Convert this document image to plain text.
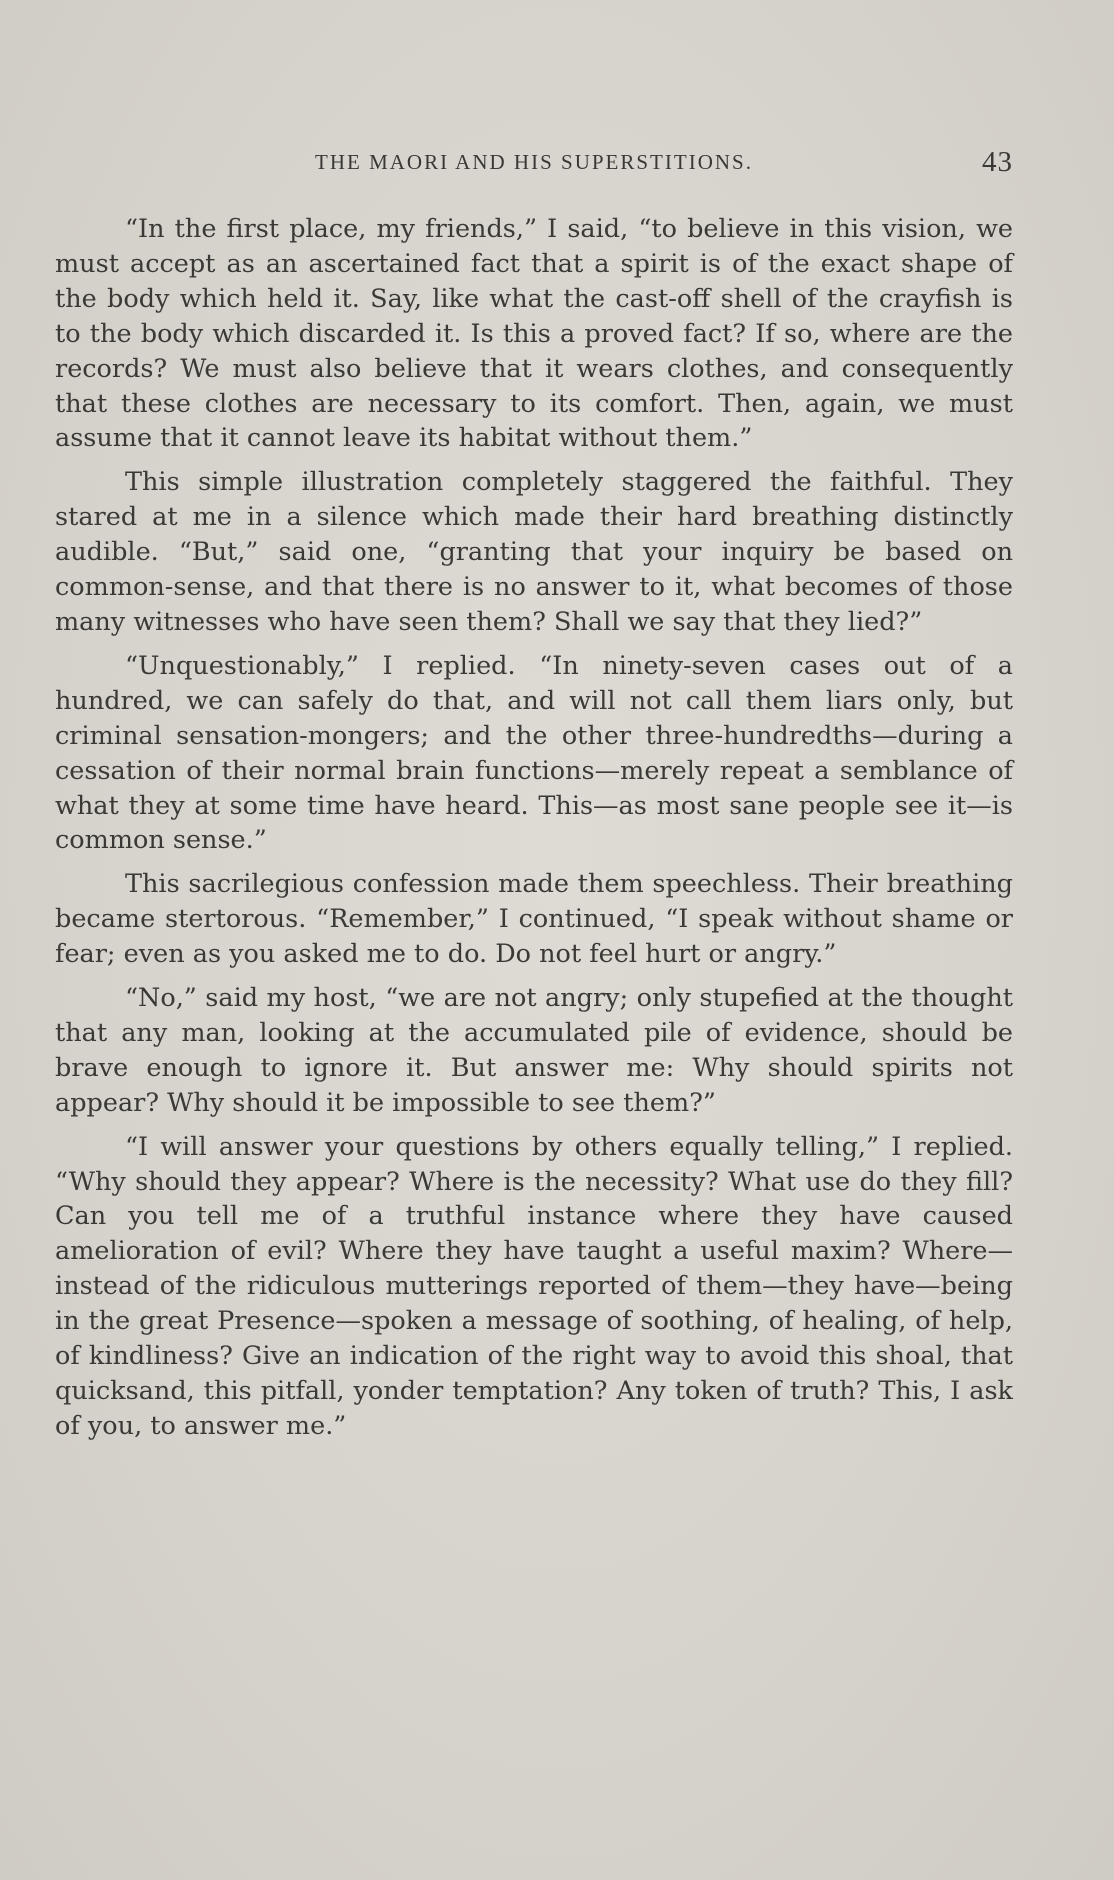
THE MAORI AND HIS SUPERSTITIONS.	43

“In the first place, my friends,” I said, “to believe in this vision, we must accept as an ascertained fact that a spirit is of the exact shape of the body which held it. Say, like what the cast-off shell of the crayfish is to the body which discarded it. Is this a proved fact? If so, where are the records? We must also believe that it wears clothes, and consequently that these clothes are necessary to its comfort. Then, again, we must assume that it cannot leave its habitat without them.”

This simple illustration completely staggered the faithful. They stared at me in a silence which made their hard breathing distinctly audible. “But,” said one, “granting that your inquiry be based on common-sense, and that there is no answer to it, what becomes of those many witnesses who have seen them? Shall we say that they lied?”

“Unquestionably,” I replied. “In ninety-seven cases out of a hundred, we can safely do that, and will not call them liars only, but criminal sensation-mongers; and the other three-hundredths—during a cessation of their normal brain functions—merely repeat a semblance of what they at some time have heard. This—as most sane people see it—is common sense.”

This sacrilegious confession made them speechless. Their breathing became stertorous. “Remember,” I continued, “I speak without shame or fear; even as you asked me to do. Do not feel hurt or angry.”

“No,” said my host, “we are not angry; only stupefied at the thought that any man, looking at the accumulated pile of evidence, should be brave enough to ignore it. But answer me: Why should spirits not appear? Why should it be impossible to see them?”

“I will answer your questions by others equally telling,” I replied. “Why should they appear? Where is the necessity? What use do they fill? Can you tell me of a truthful instance where they have caused amelioration of evil? Where they have taught a useful maxim? Where—instead of the ridiculous mutterings reported of them—they have—being in the great Presence—spoken a message of soothing, of healing, of help, of kindliness? Give an indication of the right way to avoid this shoal, that quicksand, this pitfall, yonder temptation? Any token of truth? This, I ask of you, to answer me.”
